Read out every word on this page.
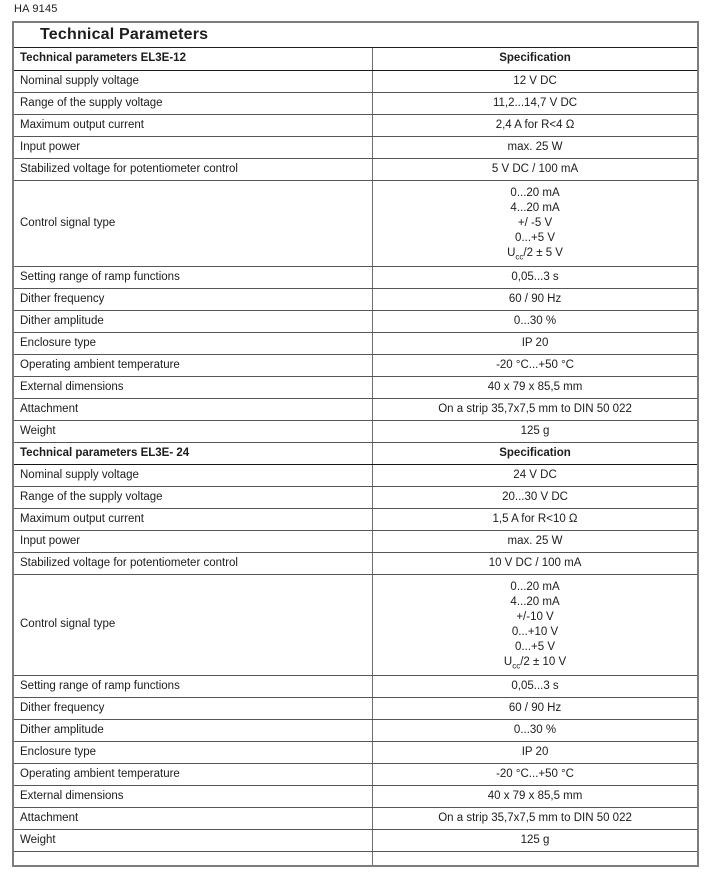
HA 9145
Technical Parameters
Technical parameters EL3E-12	Specification
Nominal supply voltage	12 V DC
Range of the supply voltage	11,2...14,7 V DC
Maximum output current	2,4 A for R<4 Ω
Input power	max. 25 W
Stabilized voltage for potentiometer control	5 V DC / 100 mA
Control signal type	0...20 mA
4...20 mA
+/ -5 V
0...+5 V
$U_{cc}/2 \pm 5$ V

Setting range of ramp functions	0,05...3 s
Dither frequency	60 / 90 Hz
Dither amplitude	0...30 %
Enclosure type	IP 20
Operating ambient temperature	-20 °C...+50 °C
External dimensions	40 x 79 x 85,5 mm
Attachment	On a strip 35,7x7,5 mm to DIN 50 022
Weight	125 g
Technical parameters EL3E- 24	Specification
Nominal supply voltage	24 V DC
Range of the supply voltage	20...30 V DC
Maximum output current	1,5 A for R<10 Ω
Input power	max. 25 W
Stabilized voltage for potentiometer control	10 V DC / 100 mA
Control signal type	
0...20 mA
4...20 mA
+/-10 V
0...+10 V
0...+5 V
$U_{cc}/2 \pm 10$ V

Setting range of ramp functions	0,05...3 s
Dither frequency	60 / 90 Hz
Dither amplitude	0...30 %
Enclosure type	IP 20
Operating ambient temperature	-20 °C...+50 °C
External dimensions	40 x 79 x 85,5 mm
Attachment	On a strip 35,7x7,5 mm to DIN 50 022
Weight	125 g
